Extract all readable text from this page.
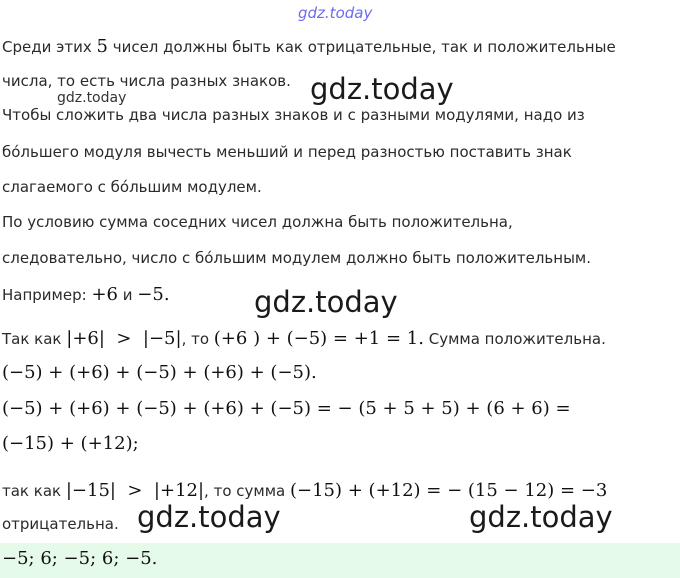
gdz.today
Среди этих 5 чисел должны быть как отрицательные, так и положительные
числа, то есть числа разных знаков.
gdz.today	gdz.today
Чтобы сложить два числа разных знаков и с разными модулями, надо из
бо́льшего модуля вычесть меньший и перед разностью поставить знак
слагаемого с бо́льшим модулем.
По условию сумма соседних чисел должна быть положительна,
следовательно, число с бо́льшим модулем должно быть положительным.
Например: +6 и −5.	gdz.today
Так как |+6|  >  |−5|, то (+6 ) + (−5) = +1 = 1. Сумма положительна.
(−5) + (+6) + (−5) + (+6) + (−5).
(−5) + (+6) + (−5) + (+6) + (−5) = − (5 + 5 + 5) + (6 + 6) =
(−15) + (+12);
так как |−15|  >  |+12|, то сумма (−15) + (+12) = − (15 − 12) = −3
отрицательна. gdz.today	gdz.today
−5; 6; −5; 6; −5.
